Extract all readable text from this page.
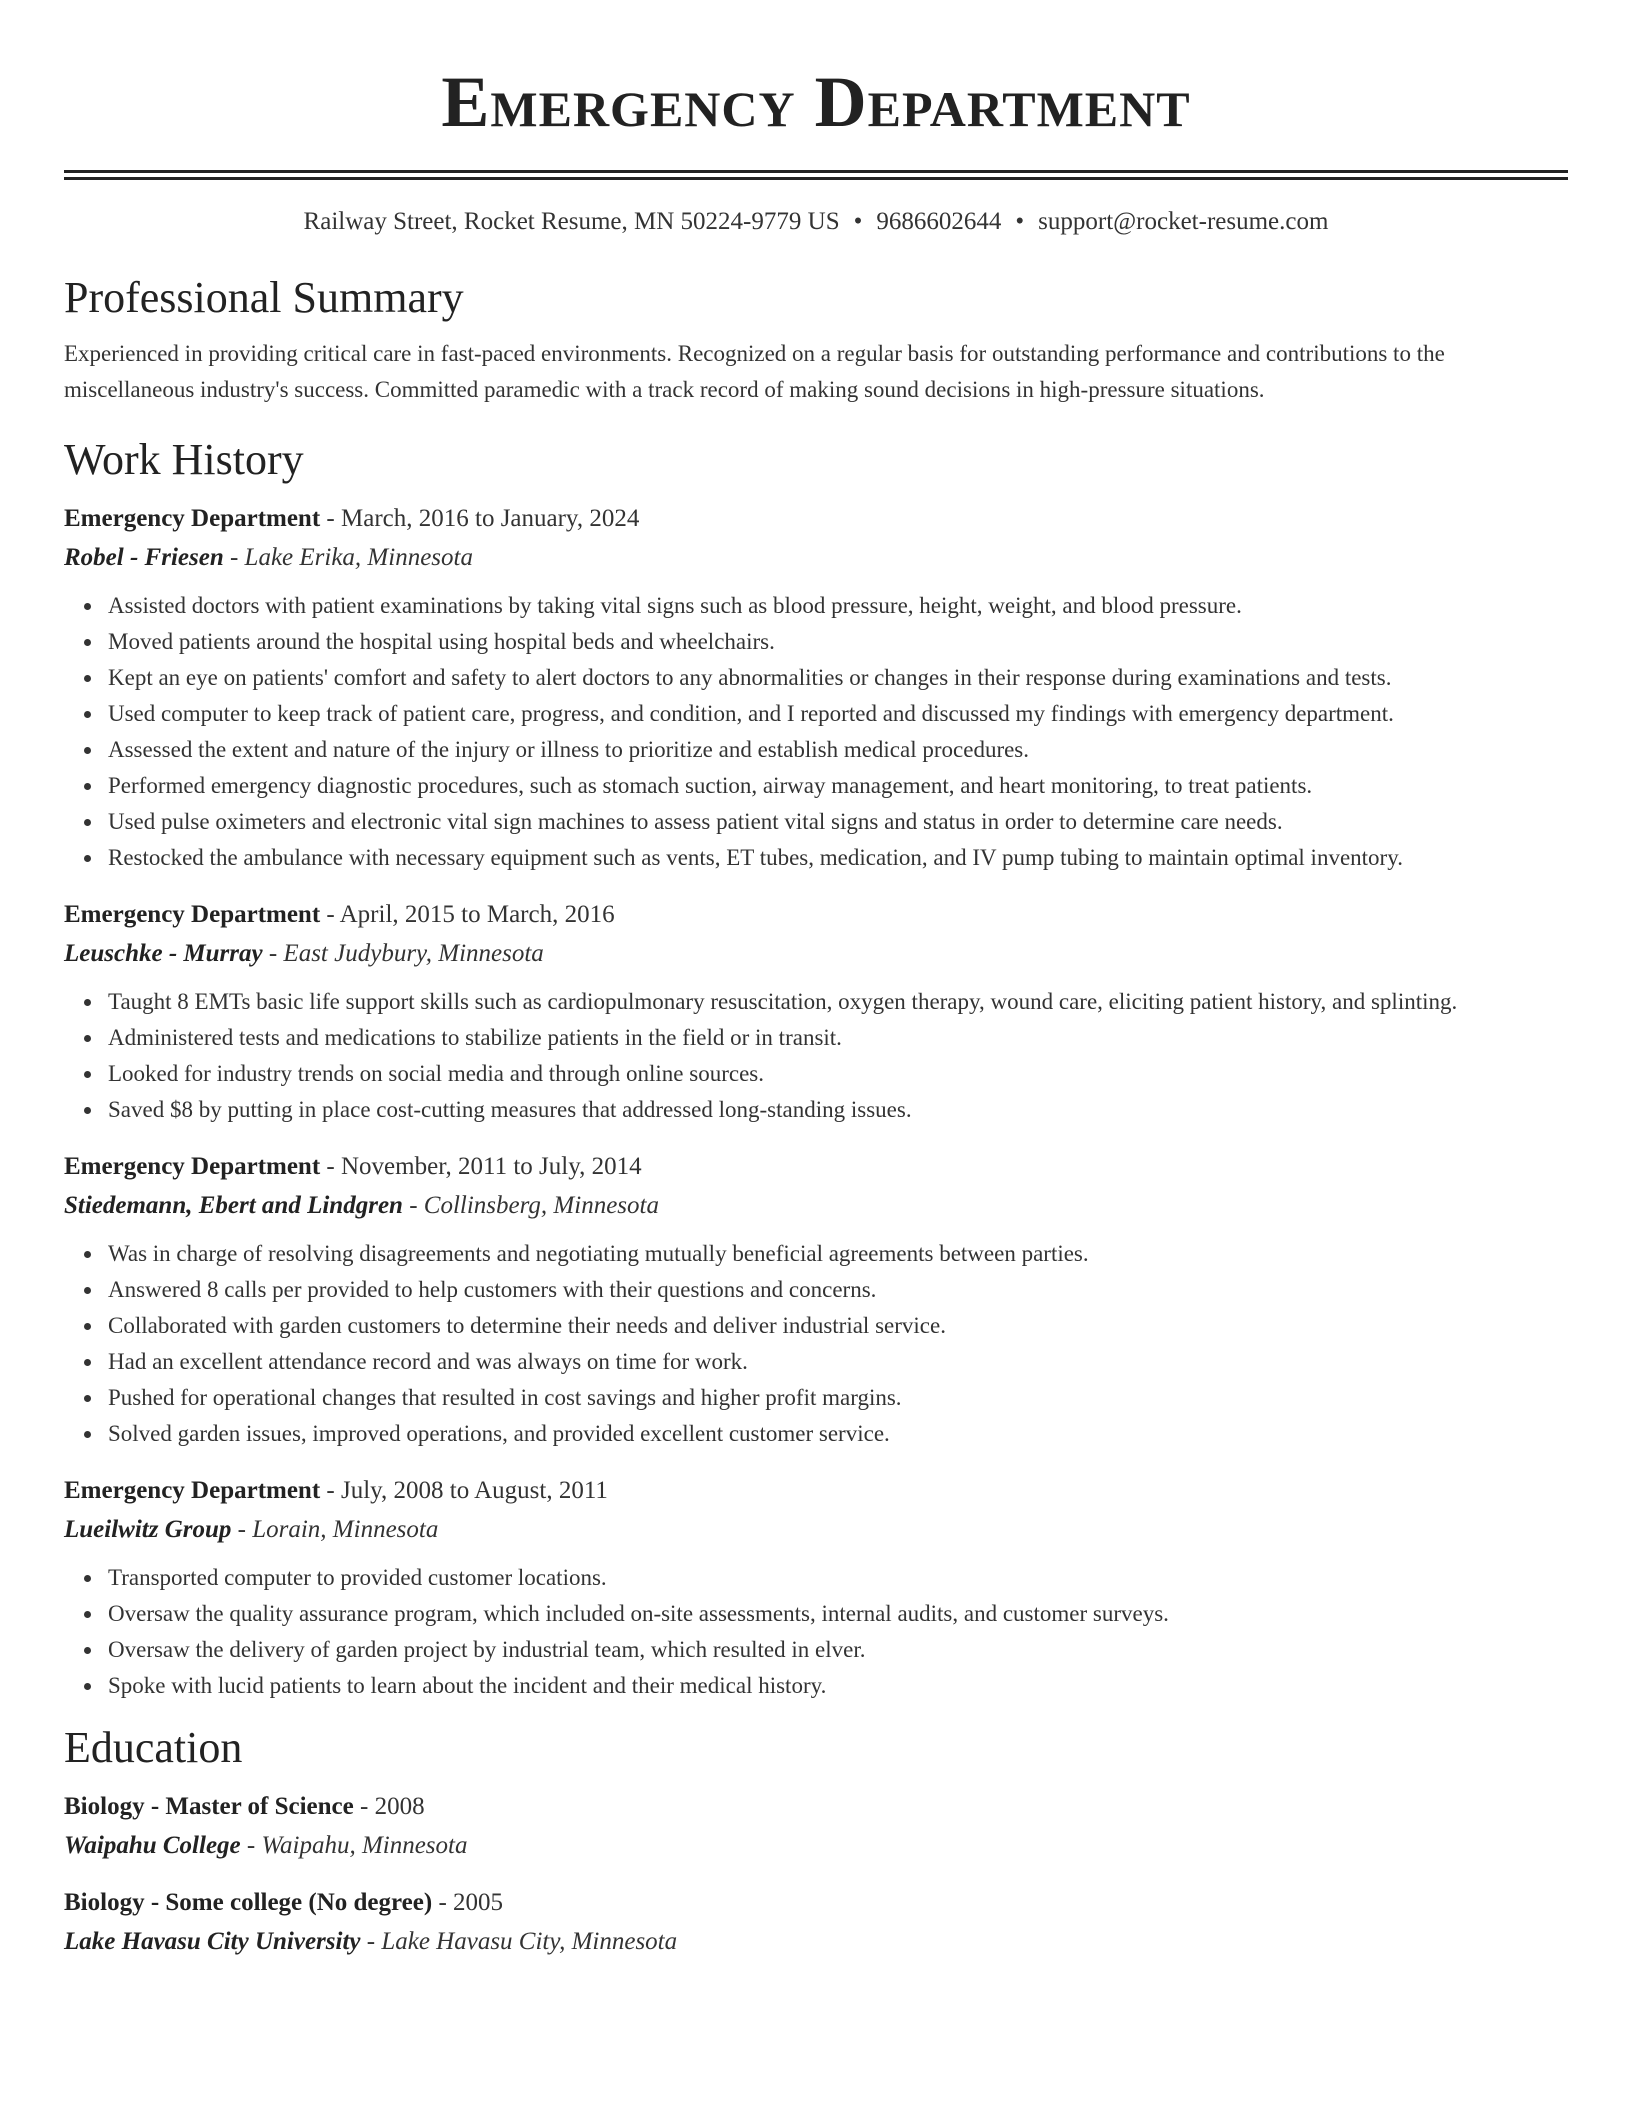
Emergency Department
Railway Street, Rocket Resume, MN 50224-9779 US • 9686602644 • support@rocket-resume.com
Professional Summary
Experienced in providing critical care in fast-paced environments. Recognized on a regular basis for outstanding performance and contributions to the miscellaneous industry's success. Committed paramedic with a track record of making sound decisions in high-pressure situations.
Work History
Emergency Department - March, 2016 to January, 2024
Robel - Friesen - Lake Erika, Minnesota
Assisted doctors with patient examinations by taking vital signs such as blood pressure, height, weight, and blood pressure.
Moved patients around the hospital using hospital beds and wheelchairs.
Kept an eye on patients' comfort and safety to alert doctors to any abnormalities or changes in their response during examinations and tests.
Used computer to keep track of patient care, progress, and condition, and I reported and discussed my findings with emergency department.
Assessed the extent and nature of the injury or illness to prioritize and establish medical procedures.
Performed emergency diagnostic procedures, such as stomach suction, airway management, and heart monitoring, to treat patients.
Used pulse oximeters and electronic vital sign machines to assess patient vital signs and status in order to determine care needs.
Restocked the ambulance with necessary equipment such as vents, ET tubes, medication, and IV pump tubing to maintain optimal inventory.
Emergency Department - April, 2015 to March, 2016
Leuschke - Murray - East Judybury, Minnesota
Taught 8 EMTs basic life support skills such as cardiopulmonary resuscitation, oxygen therapy, wound care, eliciting patient history, and splinting.
Administered tests and medications to stabilize patients in the field or in transit.
Looked for industry trends on social media and through online sources.
Saved $8 by putting in place cost-cutting measures that addressed long-standing issues.
Emergency Department - November, 2011 to July, 2014
Stiedemann, Ebert and Lindgren - Collinsberg, Minnesota
Was in charge of resolving disagreements and negotiating mutually beneficial agreements between parties.
Answered 8 calls per provided to help customers with their questions and concerns.
Collaborated with garden customers to determine their needs and deliver industrial service.
Had an excellent attendance record and was always on time for work.
Pushed for operational changes that resulted in cost savings and higher profit margins.
Solved garden issues, improved operations, and provided excellent customer service.
Emergency Department - July, 2008 to August, 2011
Lueilwitz Group - Lorain, Minnesota
Transported computer to provided customer locations.
Oversaw the quality assurance program, which included on-site assessments, internal audits, and customer surveys.
Oversaw the delivery of garden project by industrial team, which resulted in elver.
Spoke with lucid patients to learn about the incident and their medical history.
Education
Biology - Master of Science - 2008
Waipahu College - Waipahu, Minnesota
Biology - Some college (No degree) - 2005
Lake Havasu City University - Lake Havasu City, Minnesota
